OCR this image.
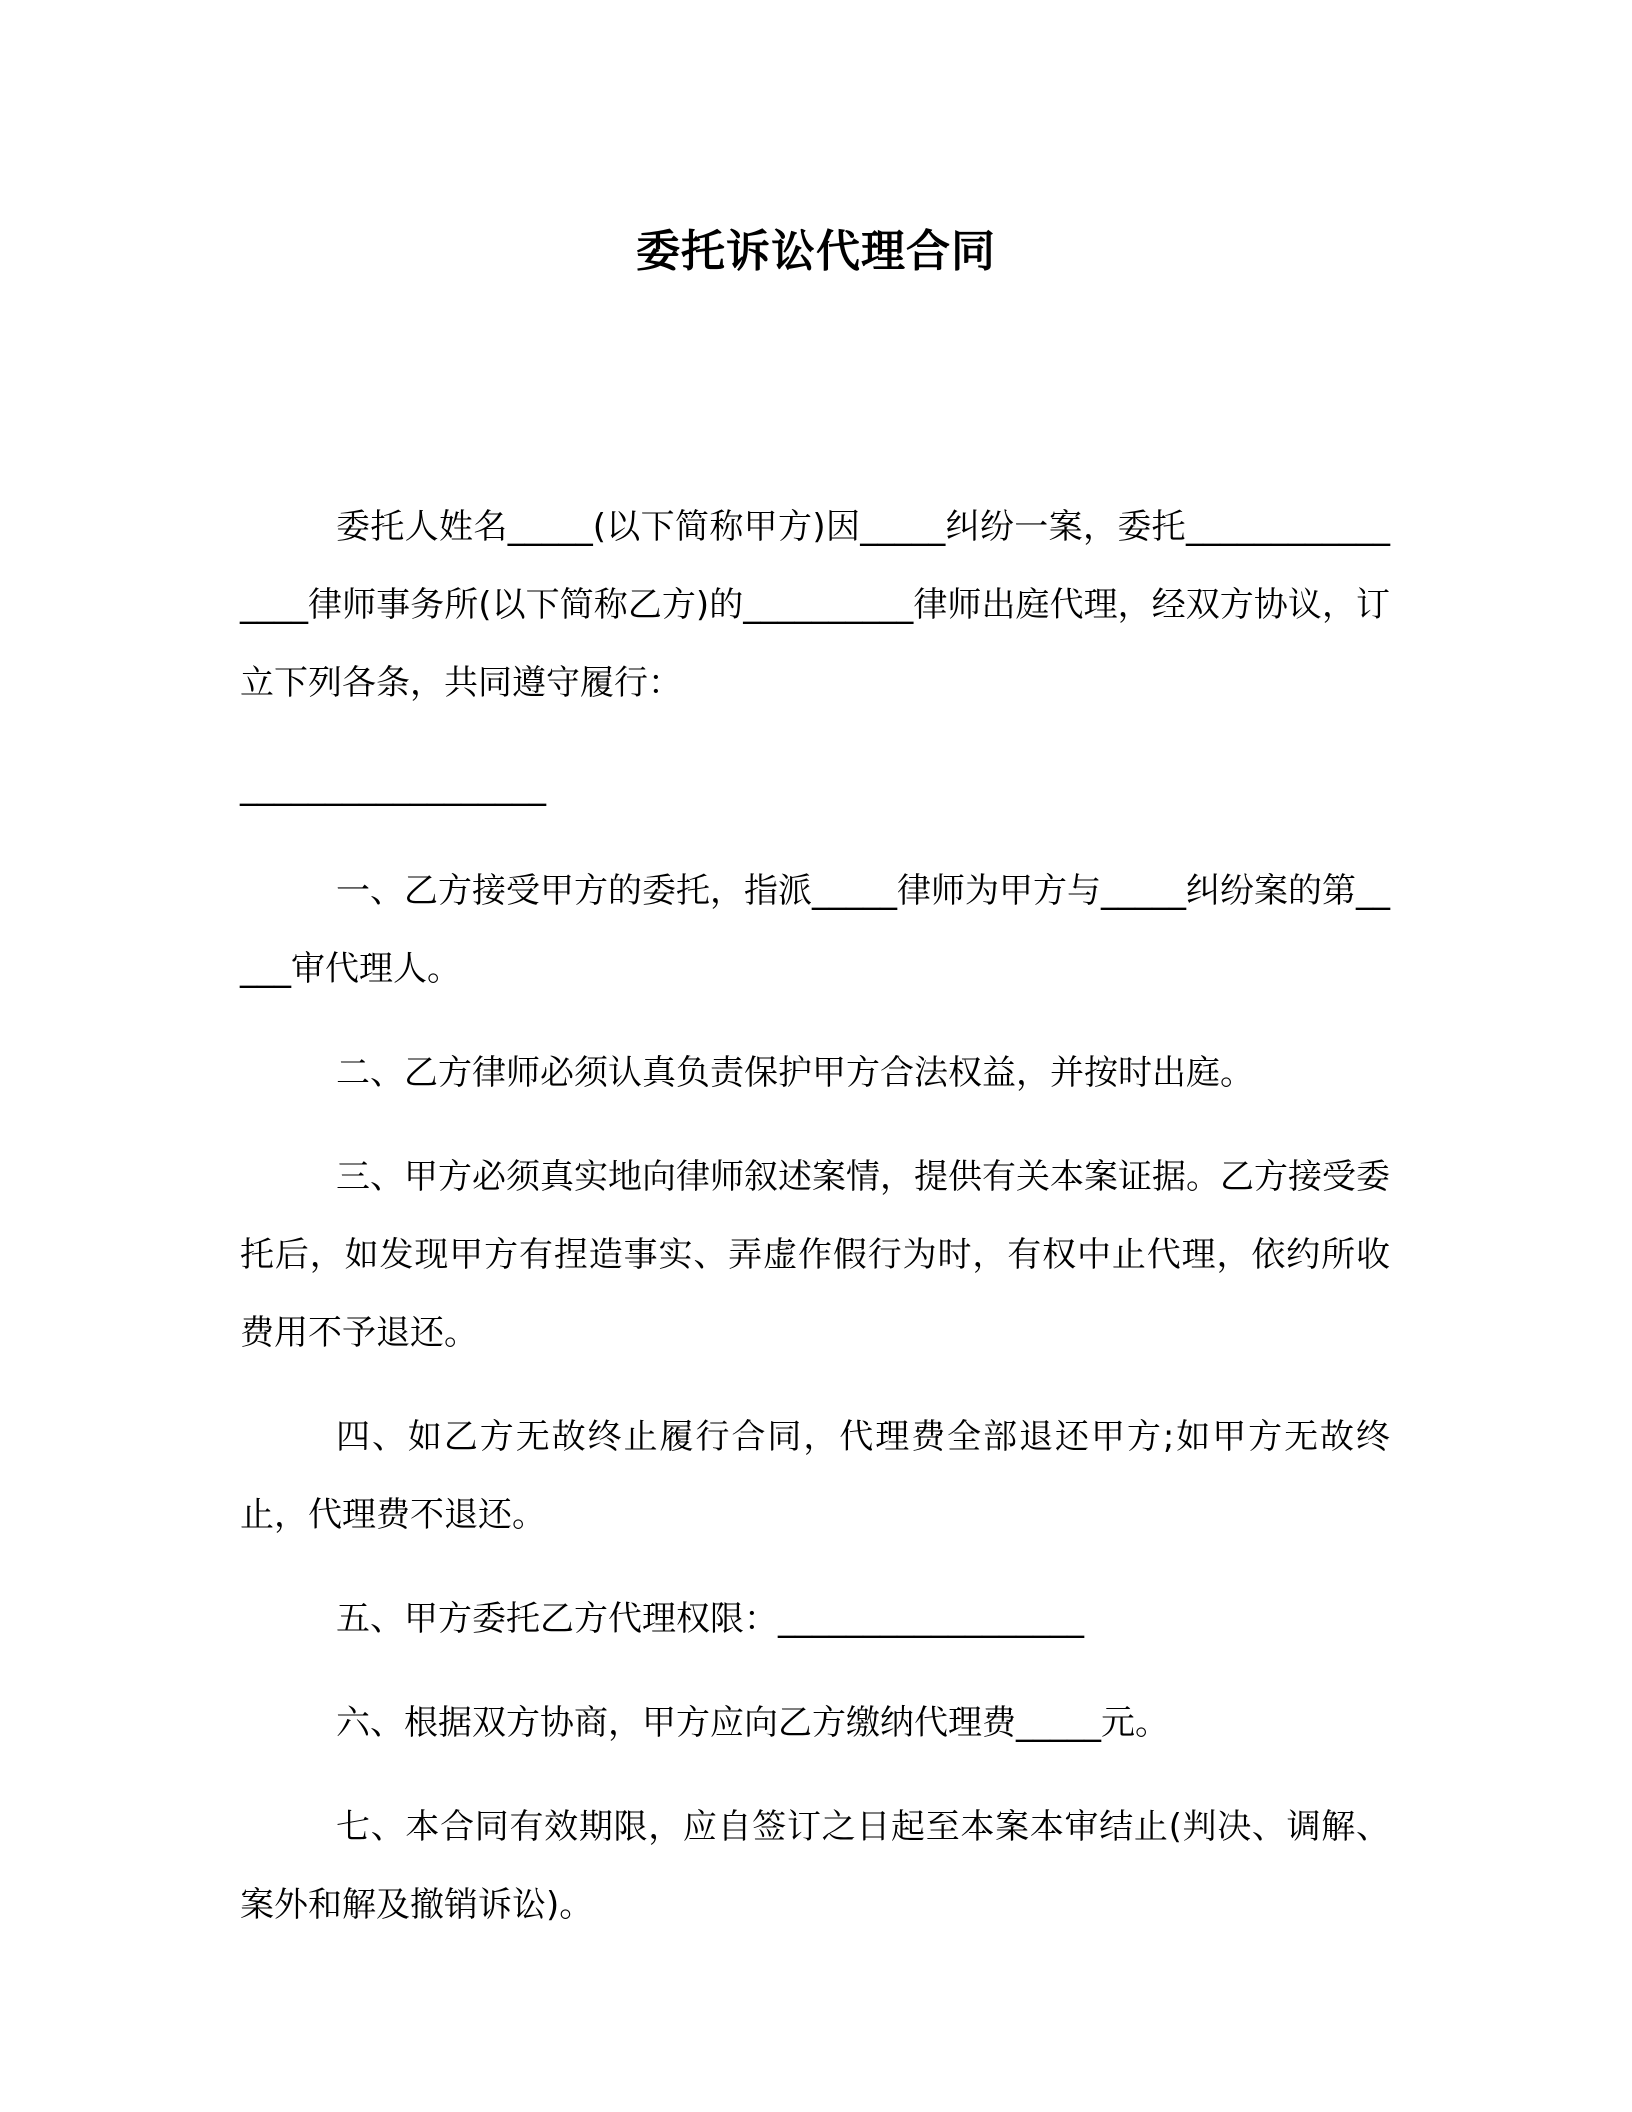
委托诉讼代理合同

委托人姓名_____(以下简称甲方)因_____纠纷一案，委托________________律师事务所(以下简称乙方)的__________律师出庭代理，经双方协议，订立下列各条，共同遵守履行：

__________________

一、乙方接受甲方的委托，指派_____律师为甲方与_____纠纷案的第_____审代理人。

二、乙方律师必须认真负责保护甲方合法权益，并按时出庭。

三、甲方必须真实地向律师叙述案情，提供有关本案证据。乙方接受委托后，如发现甲方有捏造事实、弄虚作假行为时，有权中止代理，依约所收费用不予退还。

四、如乙方无故终止履行合同，代理费全部退还甲方;如甲方无故终止，代理费不退还。

五、甲方委托乙方代理权限：__________________

六、根据双方协商，甲方应向乙方缴纳代理费_____元。

七、本合同有效期限，应自签订之日起至本案本审结止(判决、调解、案外和解及撤销诉讼)。
